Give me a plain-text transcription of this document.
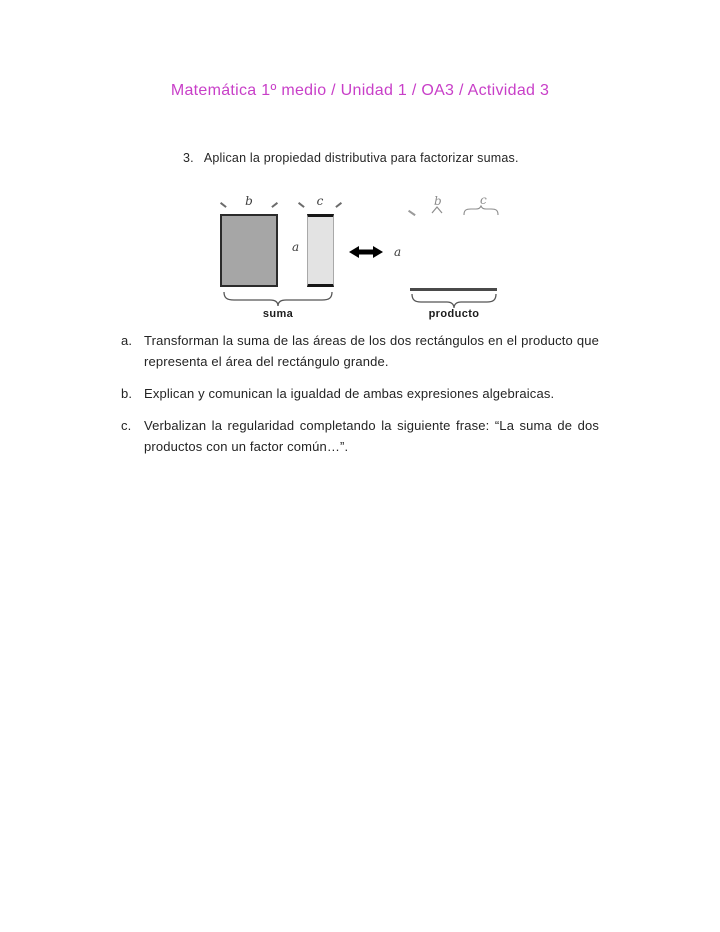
Matemática 1º medio / Unidad 1 / OA3 / Actividad 3
3. Aplican la propiedad distributiva para factorizar sumas.
b	c
a
suma
a
b	c
producto
a. Transforman la suma de las áreas de los dos rectángulos en el producto que representa el área del rectángulo grande.
b. Explican y comunican la igualdad de ambas expresiones algebraicas.
c. Verbalizan la regularidad completando la siguiente frase: “La suma de dos productos con un factor común…”.
